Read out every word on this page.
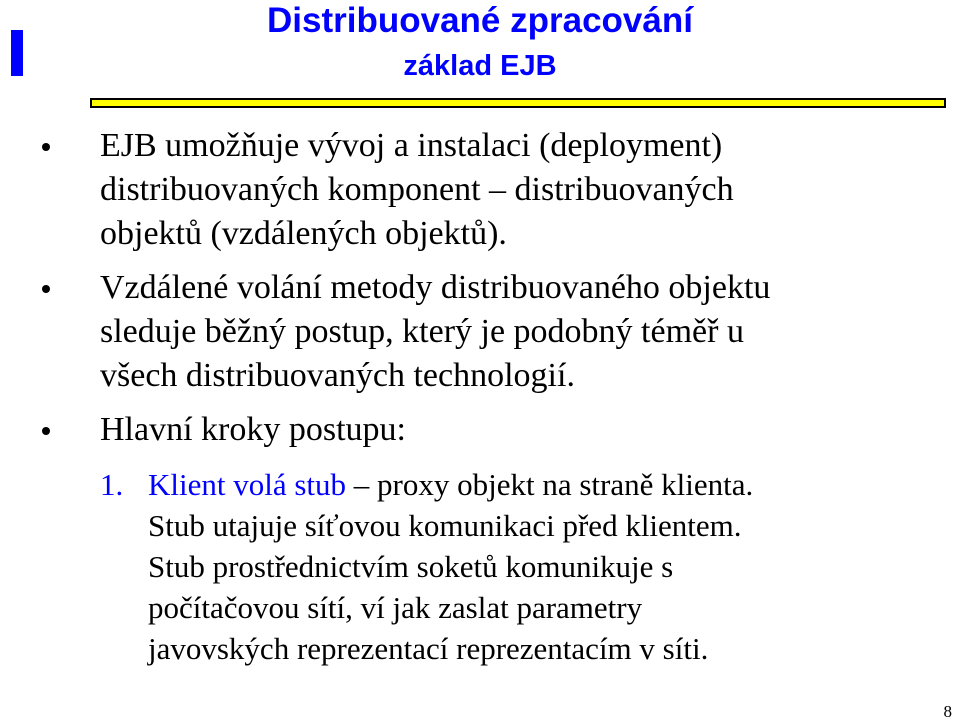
Distribuované zpracování
základ EJB
EJB umožňuje vývoj a instalaci (deployment)
distribuovaných komponent – distribuovaných
objektů (vzdálených objektů).
Vzdálené volání metody distribuovaného objektu
sleduje běžný postup, který je podobný téměř u
všech distribuovaných technologií.
Hlavní kroky postupu:
1. Klient volá stub – proxy objekt na straně klienta.
Stub utajuje síťovou komunikaci před klientem.
Stub prostřednictvím soketů komunikuje s
počítačovou sítí, ví jak zaslat parametry
javovských reprezentací reprezentacím v síti.
8
